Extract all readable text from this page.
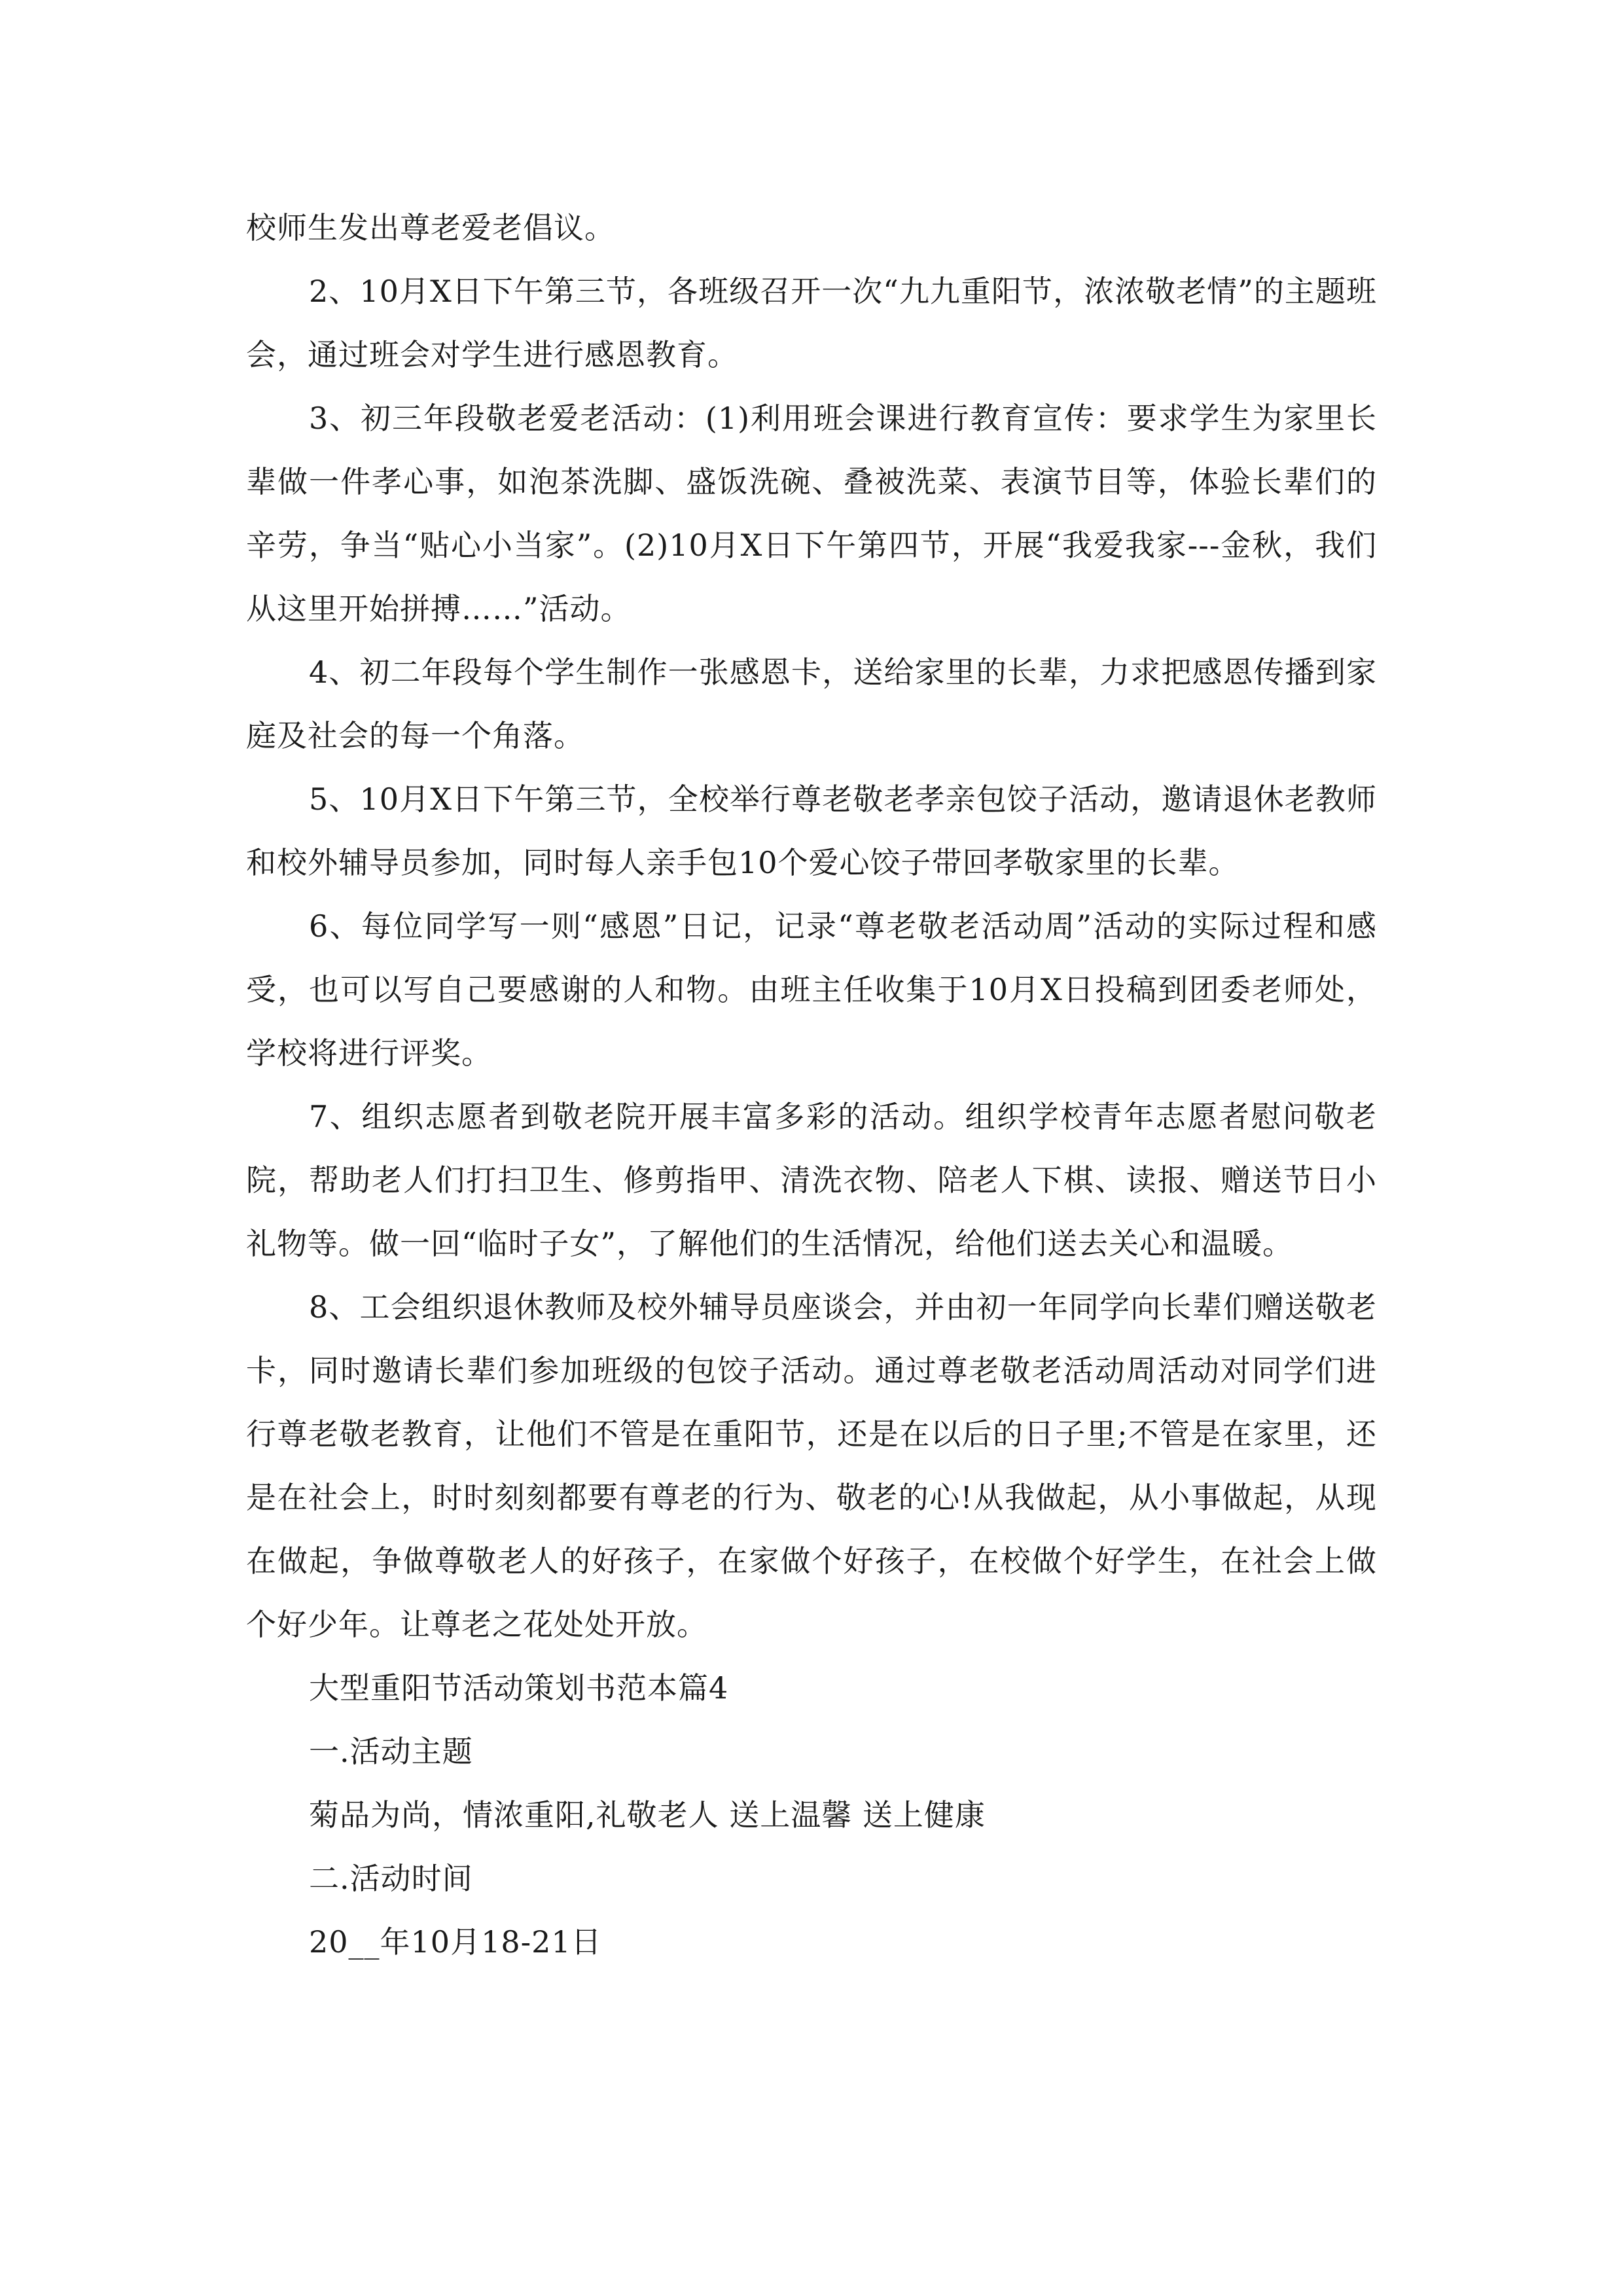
校师生发出尊老爱老倡议。

2、10月X日下午第三节，各班级召开一次“九九重阳节，浓浓敬老情”的主题班会，通过班会对学生进行感恩教育。

3、初三年段敬老爱老活动：(1)利用班会课进行教育宣传：要求学生为家里长辈做一件孝心事，如泡茶洗脚、盛饭洗碗、叠被洗菜、表演节目等，体验长辈们的辛劳，争当“贴心小当家”。(2)10月X日下午第四节，开展“我爱我家---金秋，我们从这里开始拼搏……”活动。

4、初二年段每个学生制作一张感恩卡，送给家里的长辈，力求把感恩传播到家庭及社会的每一个角落。

5、10月X日下午第三节，全校举行尊老敬老孝亲包饺子活动，邀请退休老教师和校外辅导员参加，同时每人亲手包10个爱心饺子带回孝敬家里的长辈。

6、每位同学写一则“感恩”日记，记录“尊老敬老活动周”活动的实际过程和感受，也可以写自己要感谢的人和物。由班主任收集于10月X日投稿到团委老师处，学校将进行评奖。

7、组织志愿者到敬老院开展丰富多彩的活动。组织学校青年志愿者慰问敬老院，帮助老人们打扫卫生、修剪指甲、清洗衣物、陪老人下棋、读报、赠送节日小礼物等。做一回“临时子女”，了解他们的生活情况，给他们送去关心和温暖。

8、工会组织退休教师及校外辅导员座谈会，并由初一年同学向长辈们赠送敬老卡，同时邀请长辈们参加班级的包饺子活动。通过尊老敬老活动周活动对同学们进行尊老敬老教育，让他们不管是在重阳节，还是在以后的日子里;不管是在家里，还是在社会上，时时刻刻都要有尊老的行为、敬老的心!从我做起，从小事做起，从现在做起，争做尊敬老人的好孩子，在家做个好孩子，在校做个好学生，在社会上做个好少年。让尊老之花处处开放。

大型重阳节活动策划书范本篇4

一.活动主题

菊品为尚，情浓重阳,礼敬老人 送上温馨 送上健康

二.活动时间

20__年10月18-21日
